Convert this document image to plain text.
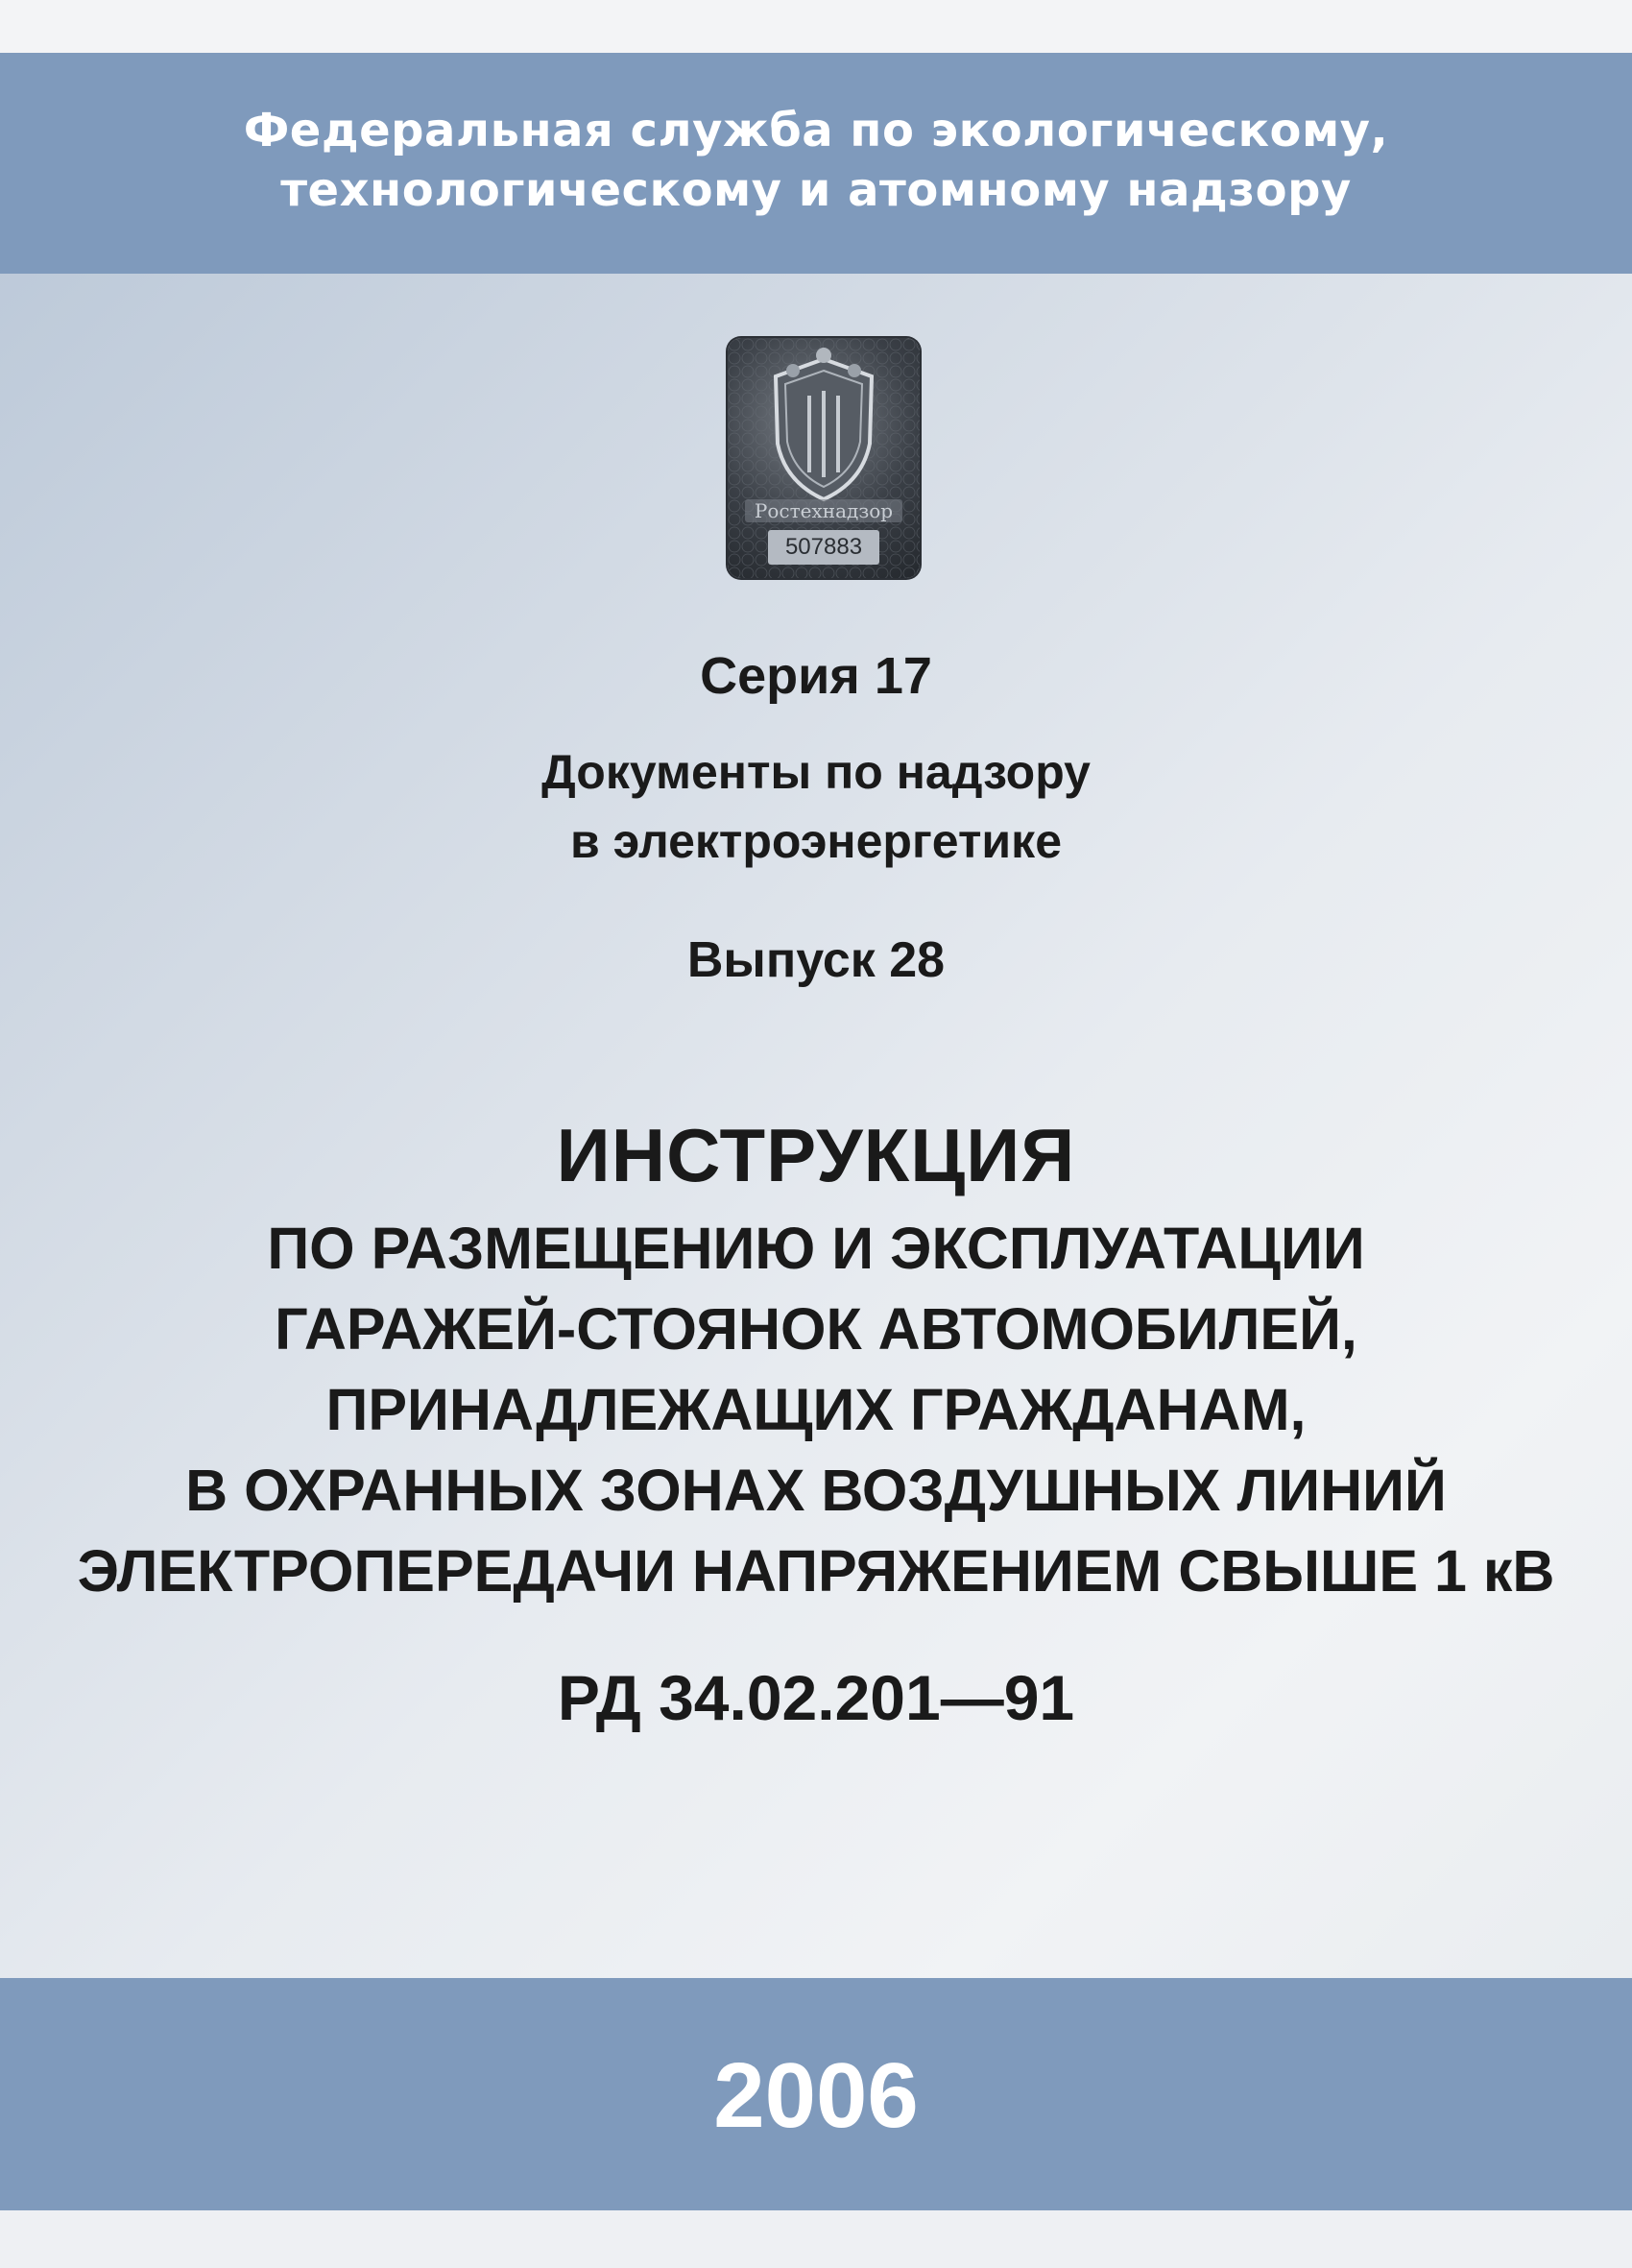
Федеральная служба по экологическому,
технологическому и атомному надзору
Ростехнадзор
507883
Серия 17
Документы по надзору
в электроэнергетике
Выпуск 28
ИНСТРУКЦИЯ
ПО РАЗМЕЩЕНИЮ И ЭКСПЛУАТАЦИИ
ГАРАЖЕЙ-СТОЯНОК АВТОМОБИЛЕЙ,
ПРИНАДЛЕЖАЩИХ ГРАЖДАНАМ,
В ОХРАННЫХ ЗОНАХ ВОЗДУШНЫХ ЛИНИЙ
ЭЛЕКТРОПЕРЕДАЧИ НАПРЯЖЕНИЕМ СВЫШЕ 1 кВ
РД 34.02.201—91
2006
